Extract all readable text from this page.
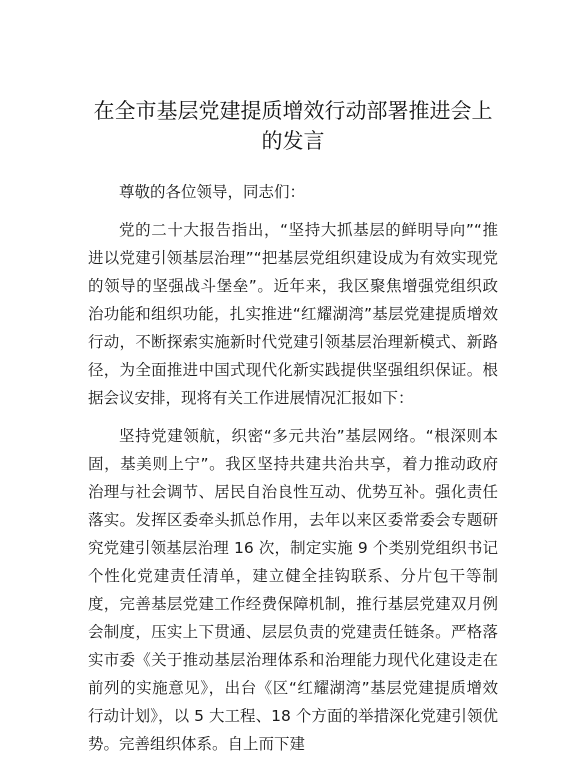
在全市基层党建提质增效行动部署推进会上的发言

尊敬的各位领导，同志们：

党的二十大报告指出，“坚持大抓基层的鲜明导向”“推进以党建引领基层治理”“把基层党组织建设成为有效实现党的领导的坚强战斗堡垒”。近年来，我区聚焦增强党组织政治功能和组织功能，扎实推进“红耀湖湾”基层党建提质增效行动，不断探索实施新时代党建引领基层治理新模式、新路径，为全面推进中国式现代化新实践提供坚强组织保证。根据会议安排，现将有关工作进展情况汇报如下：

坚持党建领航，织密“多元共治”基层网络。“根深则本固，基美则上宁”。我区坚持共建共治共享，着力推动政府治理与社会调节、居民自治良性互动、优势互补。强化责任落实。发挥区委牵头抓总作用，去年以来区委常委会专题研究党建引领基层治理 16 次，制定实施 9 个类别党组织书记个性化党建责任清单，建立健全挂钩联系、分片包干等制度，完善基层党建工作经费保障机制，推行基层党建双月例会制度，压实上下贯通、层层负责的党建责任链条。严格落实市委《关于推动基层治理体系和治理能力现代化建设走在前列的实施意见》，出台《区“红耀湖湾”基层党建提质增效行动计划》，以 5 大工程、18 个方面的举措深化党建引领优势。完善组织体系。自上而下建
